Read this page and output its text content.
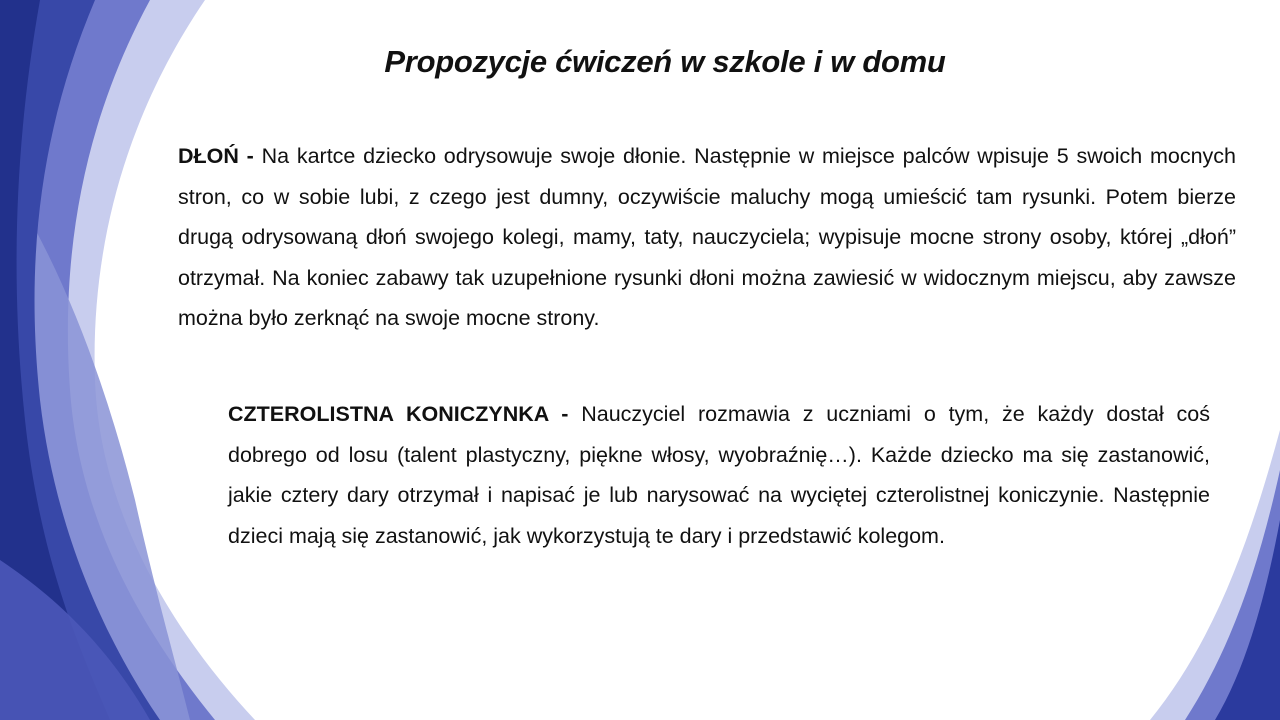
Propozycje ćwiczeń w szkole i w domu

DŁOŃ - Na kartce dziecko odrysowuje swoje dłonie. Następnie w miejsce palców wpisuje 5 swoich mocnych stron, co w sobie lubi, z czego jest dumny, oczywiście maluchy mogą umieścić tam rysunki. Potem bierze drugą odrysowaną dłoń swojego kolegi, mamy, taty, nauczyciela; wypisuje mocne strony osoby, której „dłoń” otrzymał. Na koniec zabawy tak uzupełnione rysunki dłoni można zawiesić w widocznym miejscu, aby zawsze można było zerknąć na swoje mocne strony.

CZTEROLISTNA KONICZYNKA - Nauczyciel rozmawia z uczniami o tym, że każdy dostał coś dobrego od losu (talent plastyczny, piękne włosy, wyobraźnię…). Każde dziecko ma się zastanowić, jakie cztery dary otrzymał i napisać je lub narysować na wyciętej czterolistnej koniczynie. Następnie dzieci mają się zastanowić, jak wykorzystują te dary i przedstawić kolegom.
